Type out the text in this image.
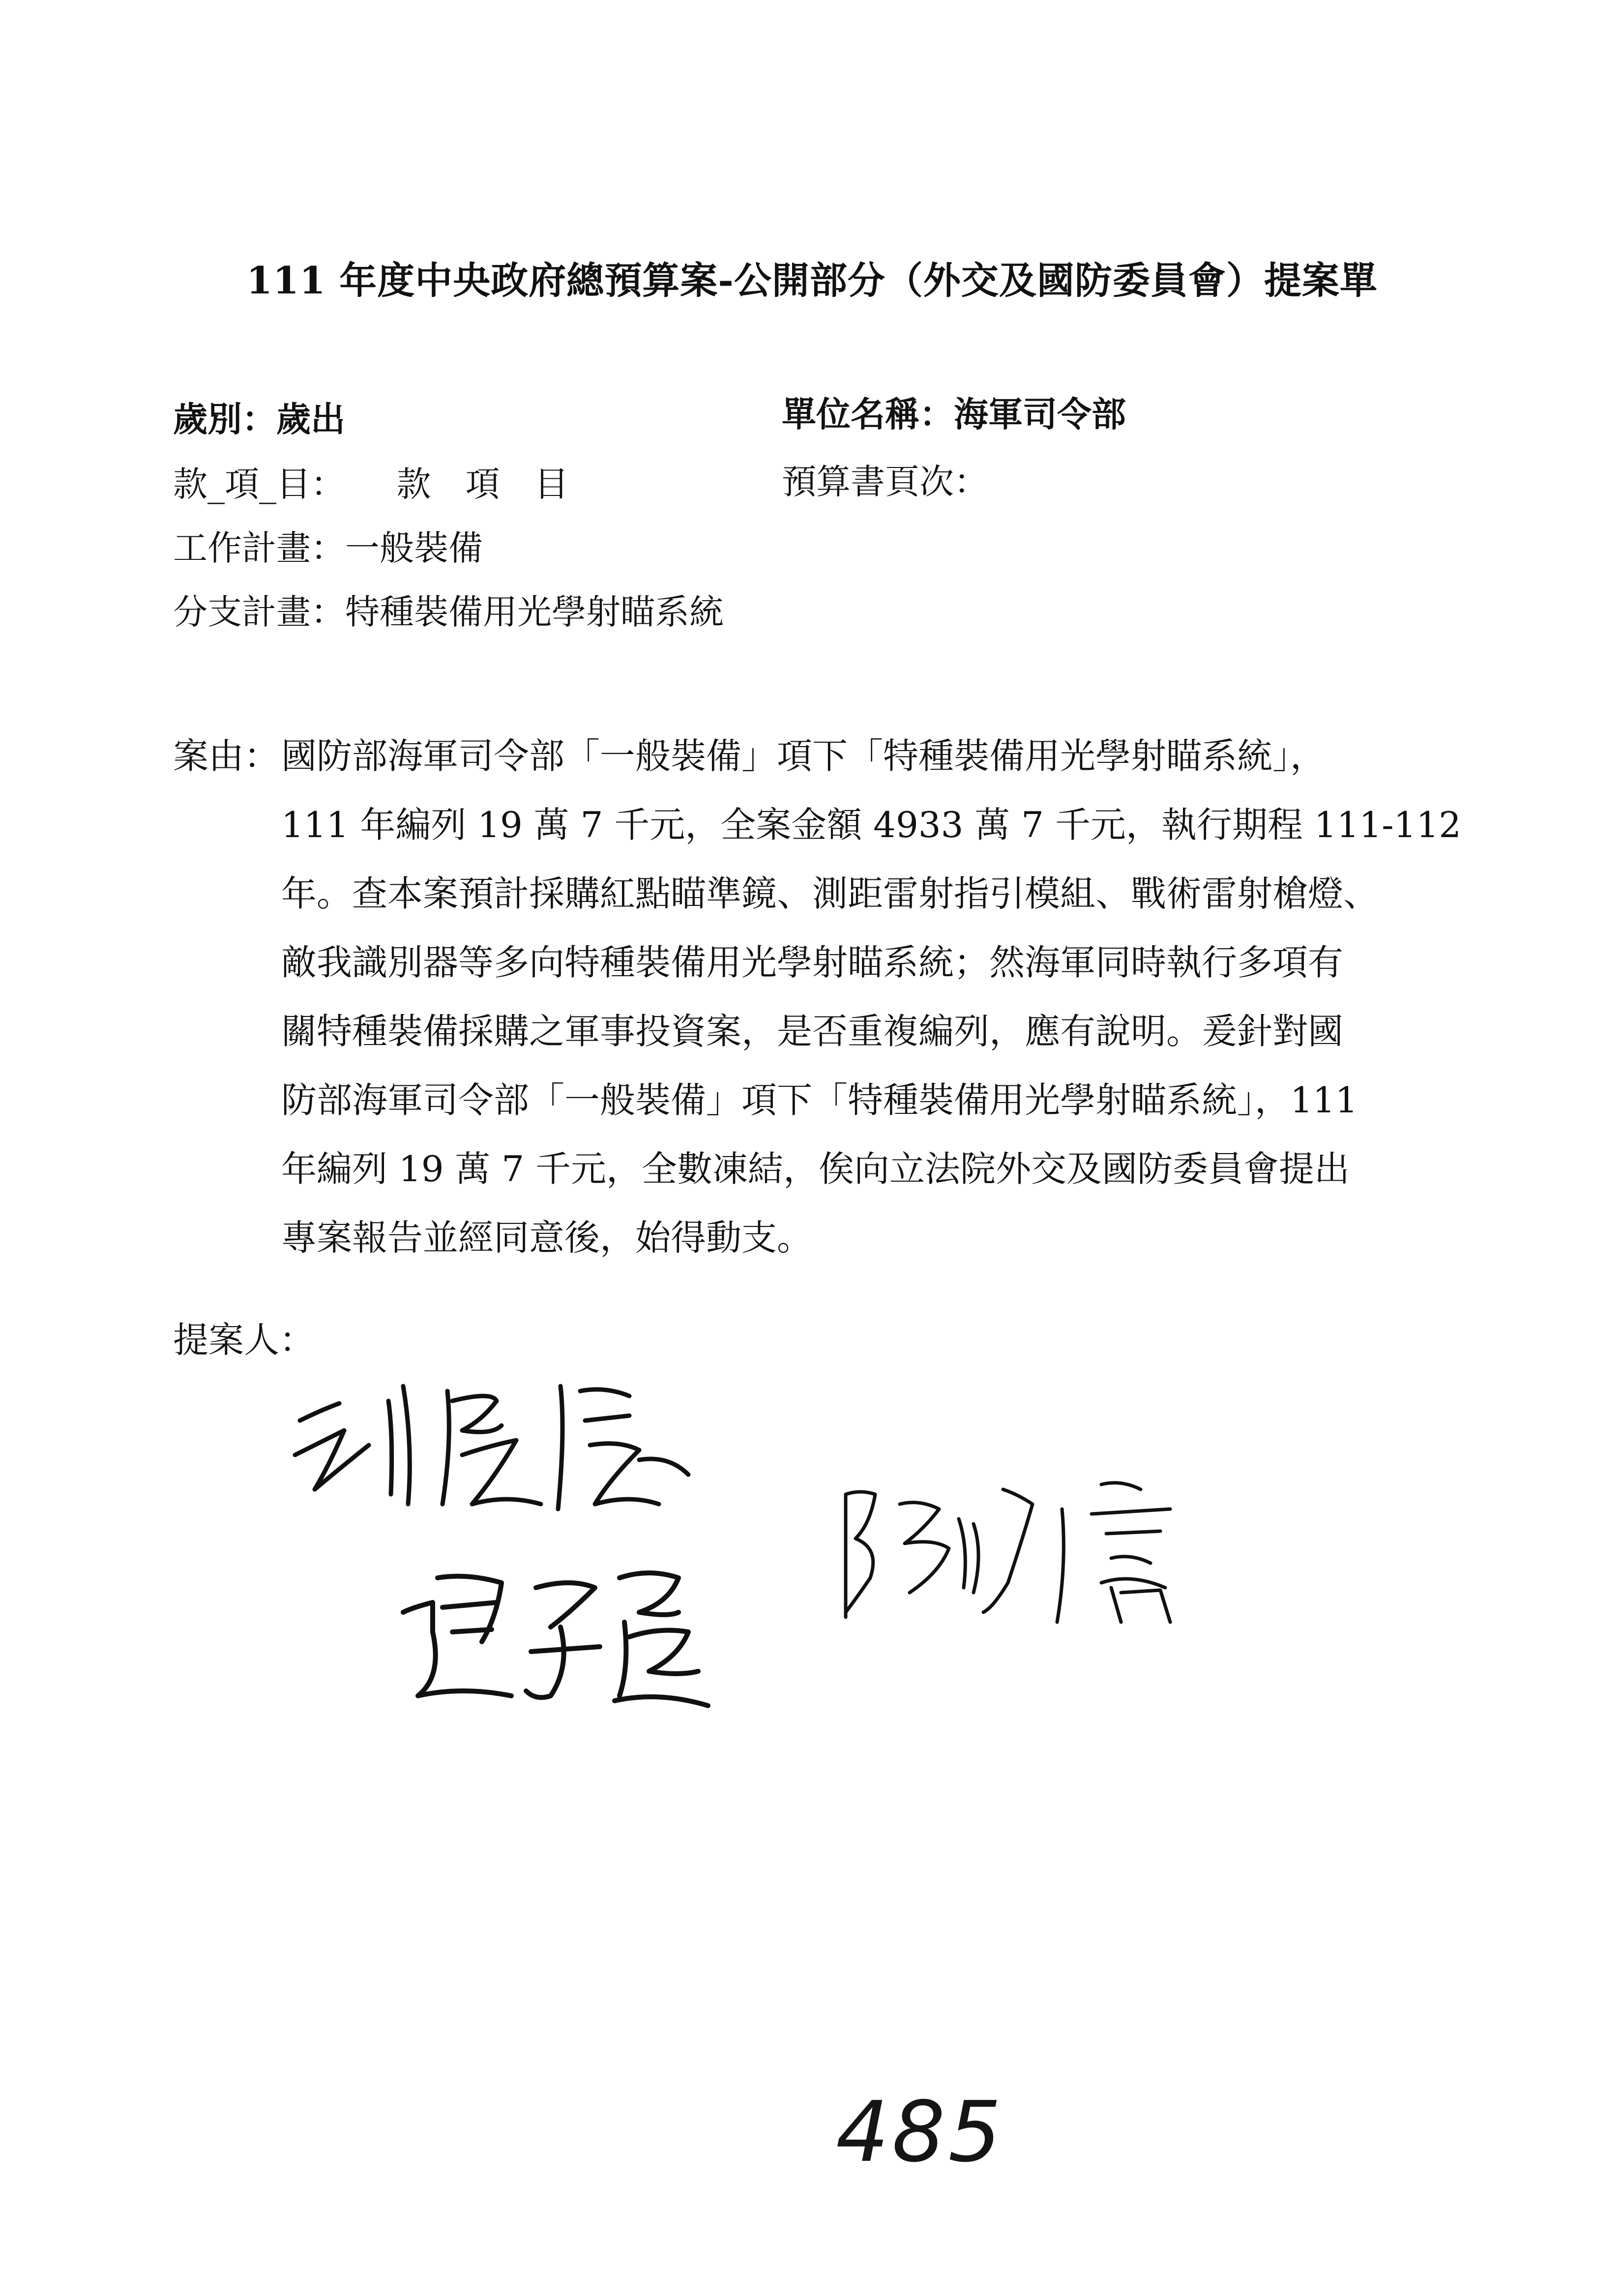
111 年度中央政府總預算案-公開部分（外交及國防委員會）提案單
歲別：歲出	單位名稱：海軍司令部
款_項_目： 款　項　目	預算書頁次：
工作計畫：一般裝備
分支計畫：特種裝備用光學射瞄系統
案由： 國防部海軍司令部「一般裝備」項下「特種裝備用光學射瞄系統」，
111 年編列 19 萬 7 千元，全案金額 4933 萬 7 千元，執行期程 111-112
年。查本案預計採購紅點瞄準鏡、測距雷射指引模組、戰術雷射槍燈、
敵我識別器等多向特種裝備用光學射瞄系統；然海軍同時執行多項有
關特種裝備採購之軍事投資案，是否重複編列，應有說明。爰針對國
防部海軍司令部「一般裝備」項下「特種裝備用光學射瞄系統」，111
年編列 19 萬 7 千元，全數凍結，俟向立法院外交及國防委員會提出
專案報告並經同意後，始得動支。
提案人：
485
